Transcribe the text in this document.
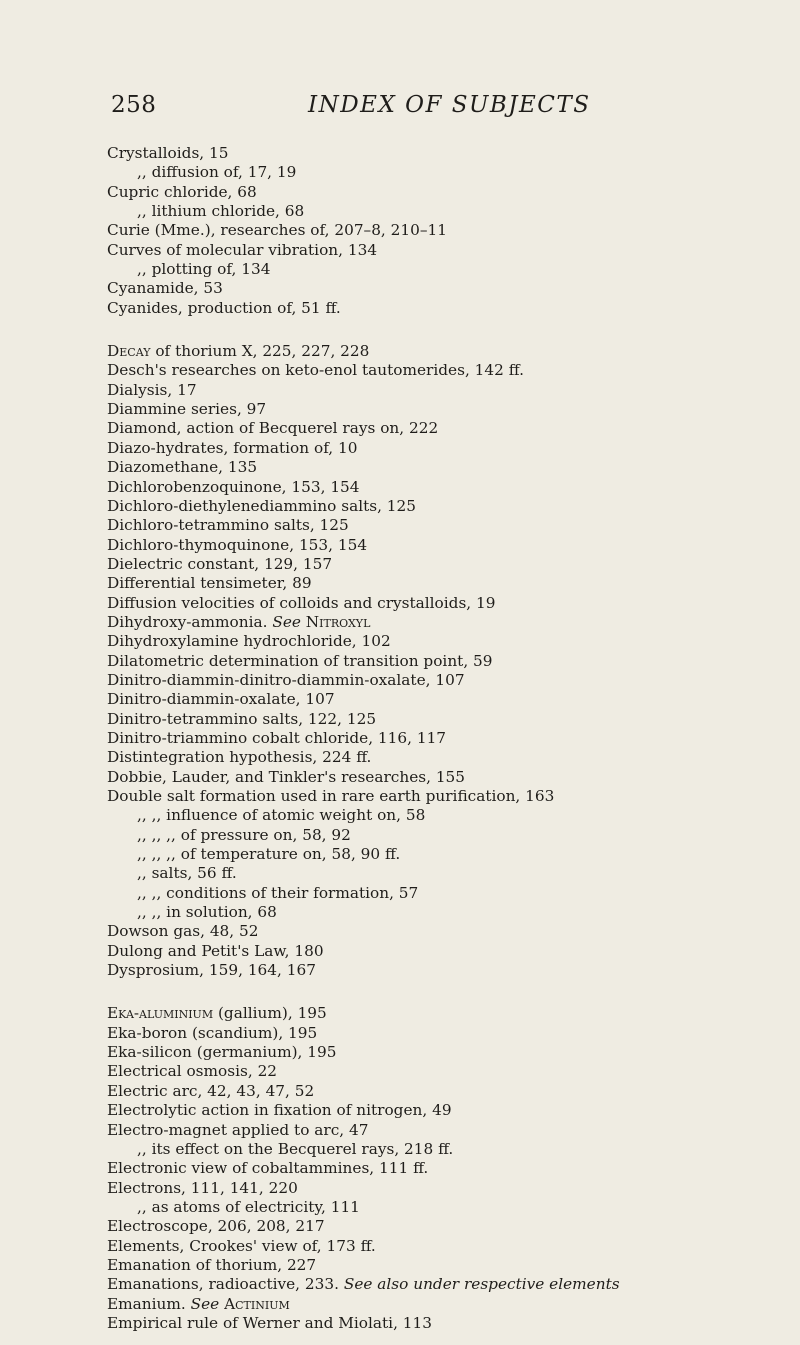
258	INDEX OF SUBJECTS
Crystalloids, 15
,, diffusion of, 17, 19
Cupric chloride, 68
,, lithium chloride, 68
Curie (Mme.), researches of, 207–8, 210–11
Curves of molecular vibration, 134
,, plotting of, 134
Cyanamide, 53
Cyanides, production of, 51 ff.
Decay of thorium X, 225, 227, 228
Desch's researches on keto-enol tautomerides, 142 ff.
Dialysis, 17
Diammine series, 97
Diamond, action of Becquerel rays on, 222
Diazo-hydrates, formation of, 10
Diazomethane, 135
Dichlorobenzoquinone, 153, 154
Dichloro-diethylenediammino salts, 125
Dichloro-tetrammino salts, 125
Dichloro-thymoquinone, 153, 154
Dielectric constant, 129, 157
Differential tensimeter, 89
Diffusion velocities of colloids and crystalloids, 19
Dihydroxy-ammonia. See Nitroxyl
Dihydroxylamine hydrochloride, 102
Dilatometric determination of transition point, 59
Dinitro-diammin-dinitro-diammin-oxalate, 107
Dinitro-diammin-oxalate, 107
Dinitro-tetrammino salts, 122, 125
Dinitro-triammino cobalt chloride, 116, 117
Distintegration hypothesis, 224 ff.
Dobbie, Lauder, and Tinkler's researches, 155
Double salt formation used in rare earth purification, 163
,, ,, influence of atomic weight on, 58
,, ,, ,, of pressure on, 58, 92
,, ,, ,, of temperature on, 58, 90 ff.
,, salts, 56 ff.
,, ,, conditions of their formation, 57
,, ,, in solution, 68
Dowson gas, 48, 52
Dulong and Petit's Law, 180
Dysprosium, 159, 164, 167
Eka-aluminium (gallium), 195
Eka-boron (scandium), 195
Eka-silicon (germanium), 195
Electrical osmosis, 22
Electric arc, 42, 43, 47, 52
Electrolytic action in fixation of nitrogen, 49
Electro-magnet applied to arc, 47
,, its effect on the Becquerel rays, 218 ff.
Electronic view of cobaltammines, 111 ff.
Electrons, 111, 141, 220
,, as atoms of electricity, 111
Electroscope, 206, 208, 217
Elements, Crookes' view of, 173 ff.
Emanation of thorium, 227
Emanations, radioactive, 233. See also under respective elements
Emanium. See Actinium
Empirical rule of Werner and Miolati, 113
